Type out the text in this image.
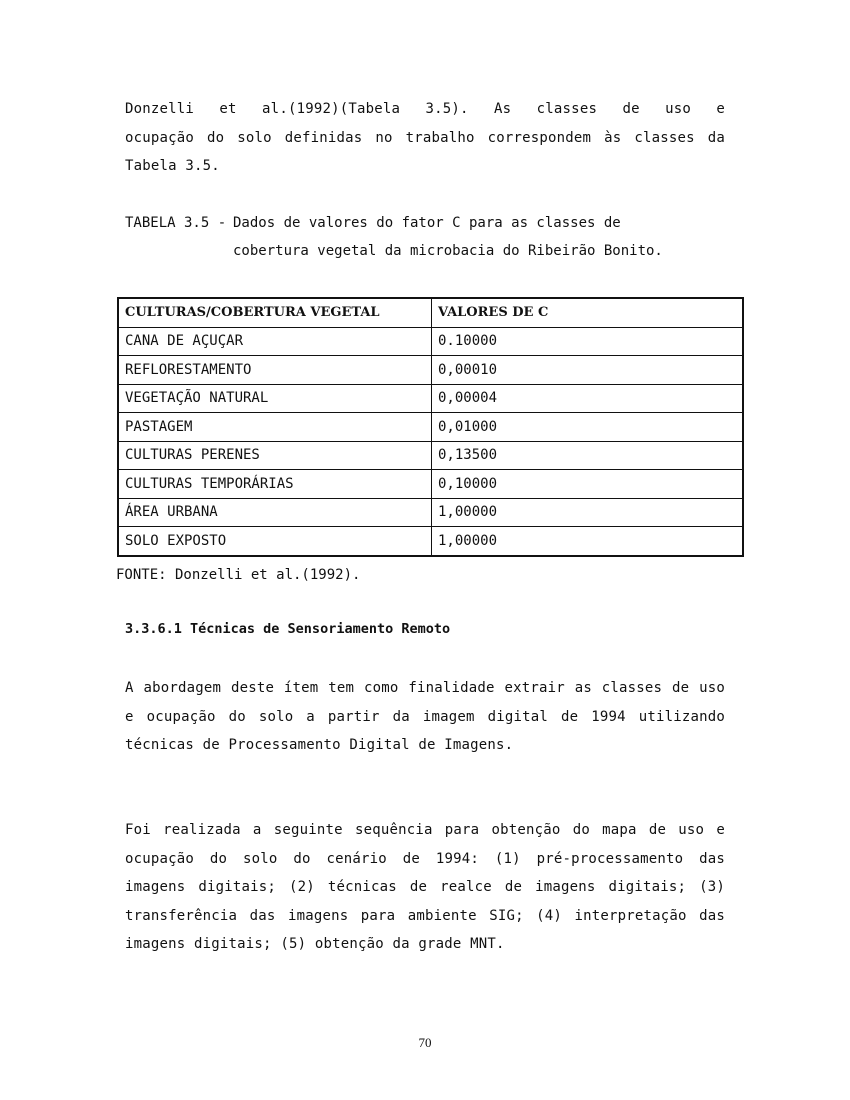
Donzelli et al.(1992)(Tabela 3.5). As classes de uso e
ocupação do solo definidas no trabalho correspondem às classes da Tabela 3.5.
TABELA 3.5 - Dados de valores do fator C para as classes de
cobertura vegetal da microbacia do Ribeirão Bonito.
CULTURAS/COBERTURA VEGETAL	VALORES DE C
CANA DE AÇUÇAR	0.10000
REFLORESTAMENTO	0,00010
VEGETAÇÃO NATURAL	0,00004
PASTAGEM	0,01000
CULTURAS PERENES	0,13500
CULTURAS TEMPORÁRIAS	0,10000
ÁREA URBANA	1,00000
SOLO EXPOSTO	1,00000
FONTE: Donzelli et al.(1992).
3.3.6.1 Técnicas de Sensoriamento Remoto
A abordagem deste ítem tem como finalidade extrair as classes de uso e ocupação do solo a partir da imagem digital de 1994 utilizando técnicas de Processamento Digital de Imagens.
Foi realizada a seguinte sequência para obtenção do mapa de uso e ocupação do solo do cenário de 1994: (1) pré-processamento das imagens digitais; (2) técnicas de realce de imagens digitais; (3) transferência das imagens para ambiente SIG; (4) interpretação das imagens digitais; (5) obtenção da grade MNT.
70
